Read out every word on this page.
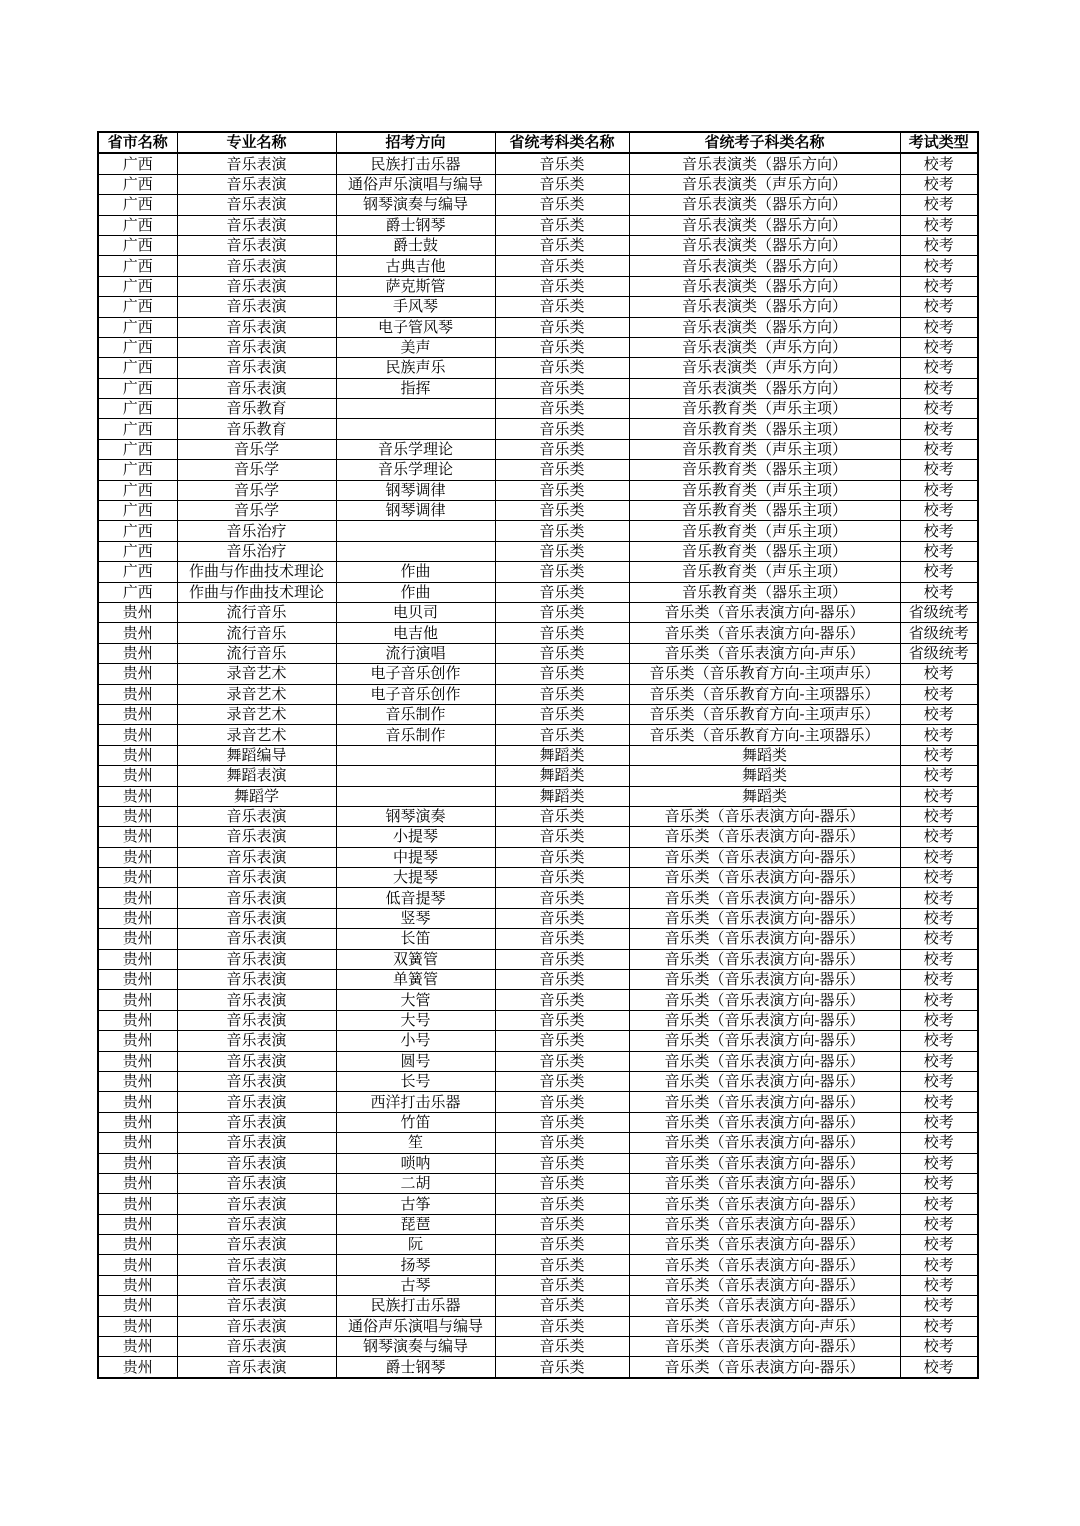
省市名称	专业名称	招考方向	省统考科类名称	省统考子科类名称	考试类型
广西	音乐表演	民族打击乐器	音乐类	音乐表演类（器乐方向）	校考
广西	音乐表演	通俗声乐演唱与编导	音乐类	音乐表演类（声乐方向）	校考
广西	音乐表演	钢琴演奏与编导	音乐类	音乐表演类（器乐方向）	校考
广西	音乐表演	爵士钢琴	音乐类	音乐表演类（器乐方向）	校考
广西	音乐表演	爵士鼓	音乐类	音乐表演类（器乐方向）	校考
广西	音乐表演	古典吉他	音乐类	音乐表演类（器乐方向）	校考
广西	音乐表演	萨克斯管	音乐类	音乐表演类（器乐方向）	校考
广西	音乐表演	手风琴	音乐类	音乐表演类（器乐方向）	校考
广西	音乐表演	电子管风琴	音乐类	音乐表演类（器乐方向）	校考
广西	音乐表演	美声	音乐类	音乐表演类（声乐方向）	校考
广西	音乐表演	民族声乐	音乐类	音乐表演类（声乐方向）	校考
广西	音乐表演	指挥	音乐类	音乐表演类（器乐方向）	校考
广西	音乐教育		音乐类	音乐教育类（声乐主项）	校考
广西	音乐教育		音乐类	音乐教育类（器乐主项）	校考
广西	音乐学	音乐学理论	音乐类	音乐教育类（声乐主项）	校考
广西	音乐学	音乐学理论	音乐类	音乐教育类（器乐主项）	校考
广西	音乐学	钢琴调律	音乐类	音乐教育类（声乐主项）	校考
广西	音乐学	钢琴调律	音乐类	音乐教育类（器乐主项）	校考
广西	音乐治疗		音乐类	音乐教育类（声乐主项）	校考
广西	音乐治疗		音乐类	音乐教育类（器乐主项）	校考
广西	作曲与作曲技术理论	作曲	音乐类	音乐教育类（声乐主项）	校考
广西	作曲与作曲技术理论	作曲	音乐类	音乐教育类（器乐主项）	校考
贵州	流行音乐	电贝司	音乐类	音乐类（音乐表演方向-器乐）	省级统考
贵州	流行音乐	电吉他	音乐类	音乐类（音乐表演方向-器乐）	省级统考
贵州	流行音乐	流行演唱	音乐类	音乐类（音乐表演方向-声乐）	省级统考
贵州	录音艺术	电子音乐创作	音乐类	音乐类（音乐教育方向-主项声乐）	校考
贵州	录音艺术	电子音乐创作	音乐类	音乐类（音乐教育方向-主项器乐）	校考
贵州	录音艺术	音乐制作	音乐类	音乐类（音乐教育方向-主项声乐）	校考
贵州	录音艺术	音乐制作	音乐类	音乐类（音乐教育方向-主项器乐）	校考
贵州	舞蹈编导		舞蹈类	舞蹈类	校考
贵州	舞蹈表演		舞蹈类	舞蹈类	校考
贵州	舞蹈学		舞蹈类	舞蹈类	校考
贵州	音乐表演	钢琴演奏	音乐类	音乐类（音乐表演方向-器乐）	校考
贵州	音乐表演	小提琴	音乐类	音乐类（音乐表演方向-器乐）	校考
贵州	音乐表演	中提琴	音乐类	音乐类（音乐表演方向-器乐）	校考
贵州	音乐表演	大提琴	音乐类	音乐类（音乐表演方向-器乐）	校考
贵州	音乐表演	低音提琴	音乐类	音乐类（音乐表演方向-器乐）	校考
贵州	音乐表演	竖琴	音乐类	音乐类（音乐表演方向-器乐）	校考
贵州	音乐表演	长笛	音乐类	音乐类（音乐表演方向-器乐）	校考
贵州	音乐表演	双簧管	音乐类	音乐类（音乐表演方向-器乐）	校考
贵州	音乐表演	单簧管	音乐类	音乐类（音乐表演方向-器乐）	校考
贵州	音乐表演	大管	音乐类	音乐类（音乐表演方向-器乐）	校考
贵州	音乐表演	大号	音乐类	音乐类（音乐表演方向-器乐）	校考
贵州	音乐表演	小号	音乐类	音乐类（音乐表演方向-器乐）	校考
贵州	音乐表演	圆号	音乐类	音乐类（音乐表演方向-器乐）	校考
贵州	音乐表演	长号	音乐类	音乐类（音乐表演方向-器乐）	校考
贵州	音乐表演	西洋打击乐器	音乐类	音乐类（音乐表演方向-器乐）	校考
贵州	音乐表演	竹笛	音乐类	音乐类（音乐表演方向-器乐）	校考
贵州	音乐表演	笙	音乐类	音乐类（音乐表演方向-器乐）	校考
贵州	音乐表演	唢呐	音乐类	音乐类（音乐表演方向-器乐）	校考
贵州	音乐表演	二胡	音乐类	音乐类（音乐表演方向-器乐）	校考
贵州	音乐表演	古筝	音乐类	音乐类（音乐表演方向-器乐）	校考
贵州	音乐表演	琵琶	音乐类	音乐类（音乐表演方向-器乐）	校考
贵州	音乐表演	阮	音乐类	音乐类（音乐表演方向-器乐）	校考
贵州	音乐表演	扬琴	音乐类	音乐类（音乐表演方向-器乐）	校考
贵州	音乐表演	古琴	音乐类	音乐类（音乐表演方向-器乐）	校考
贵州	音乐表演	民族打击乐器	音乐类	音乐类（音乐表演方向-器乐）	校考
贵州	音乐表演	通俗声乐演唱与编导	音乐类	音乐类（音乐表演方向-声乐）	校考
贵州	音乐表演	钢琴演奏与编导	音乐类	音乐类（音乐表演方向-器乐）	校考
贵州	音乐表演	爵士钢琴	音乐类	音乐类（音乐表演方向-器乐）	校考
